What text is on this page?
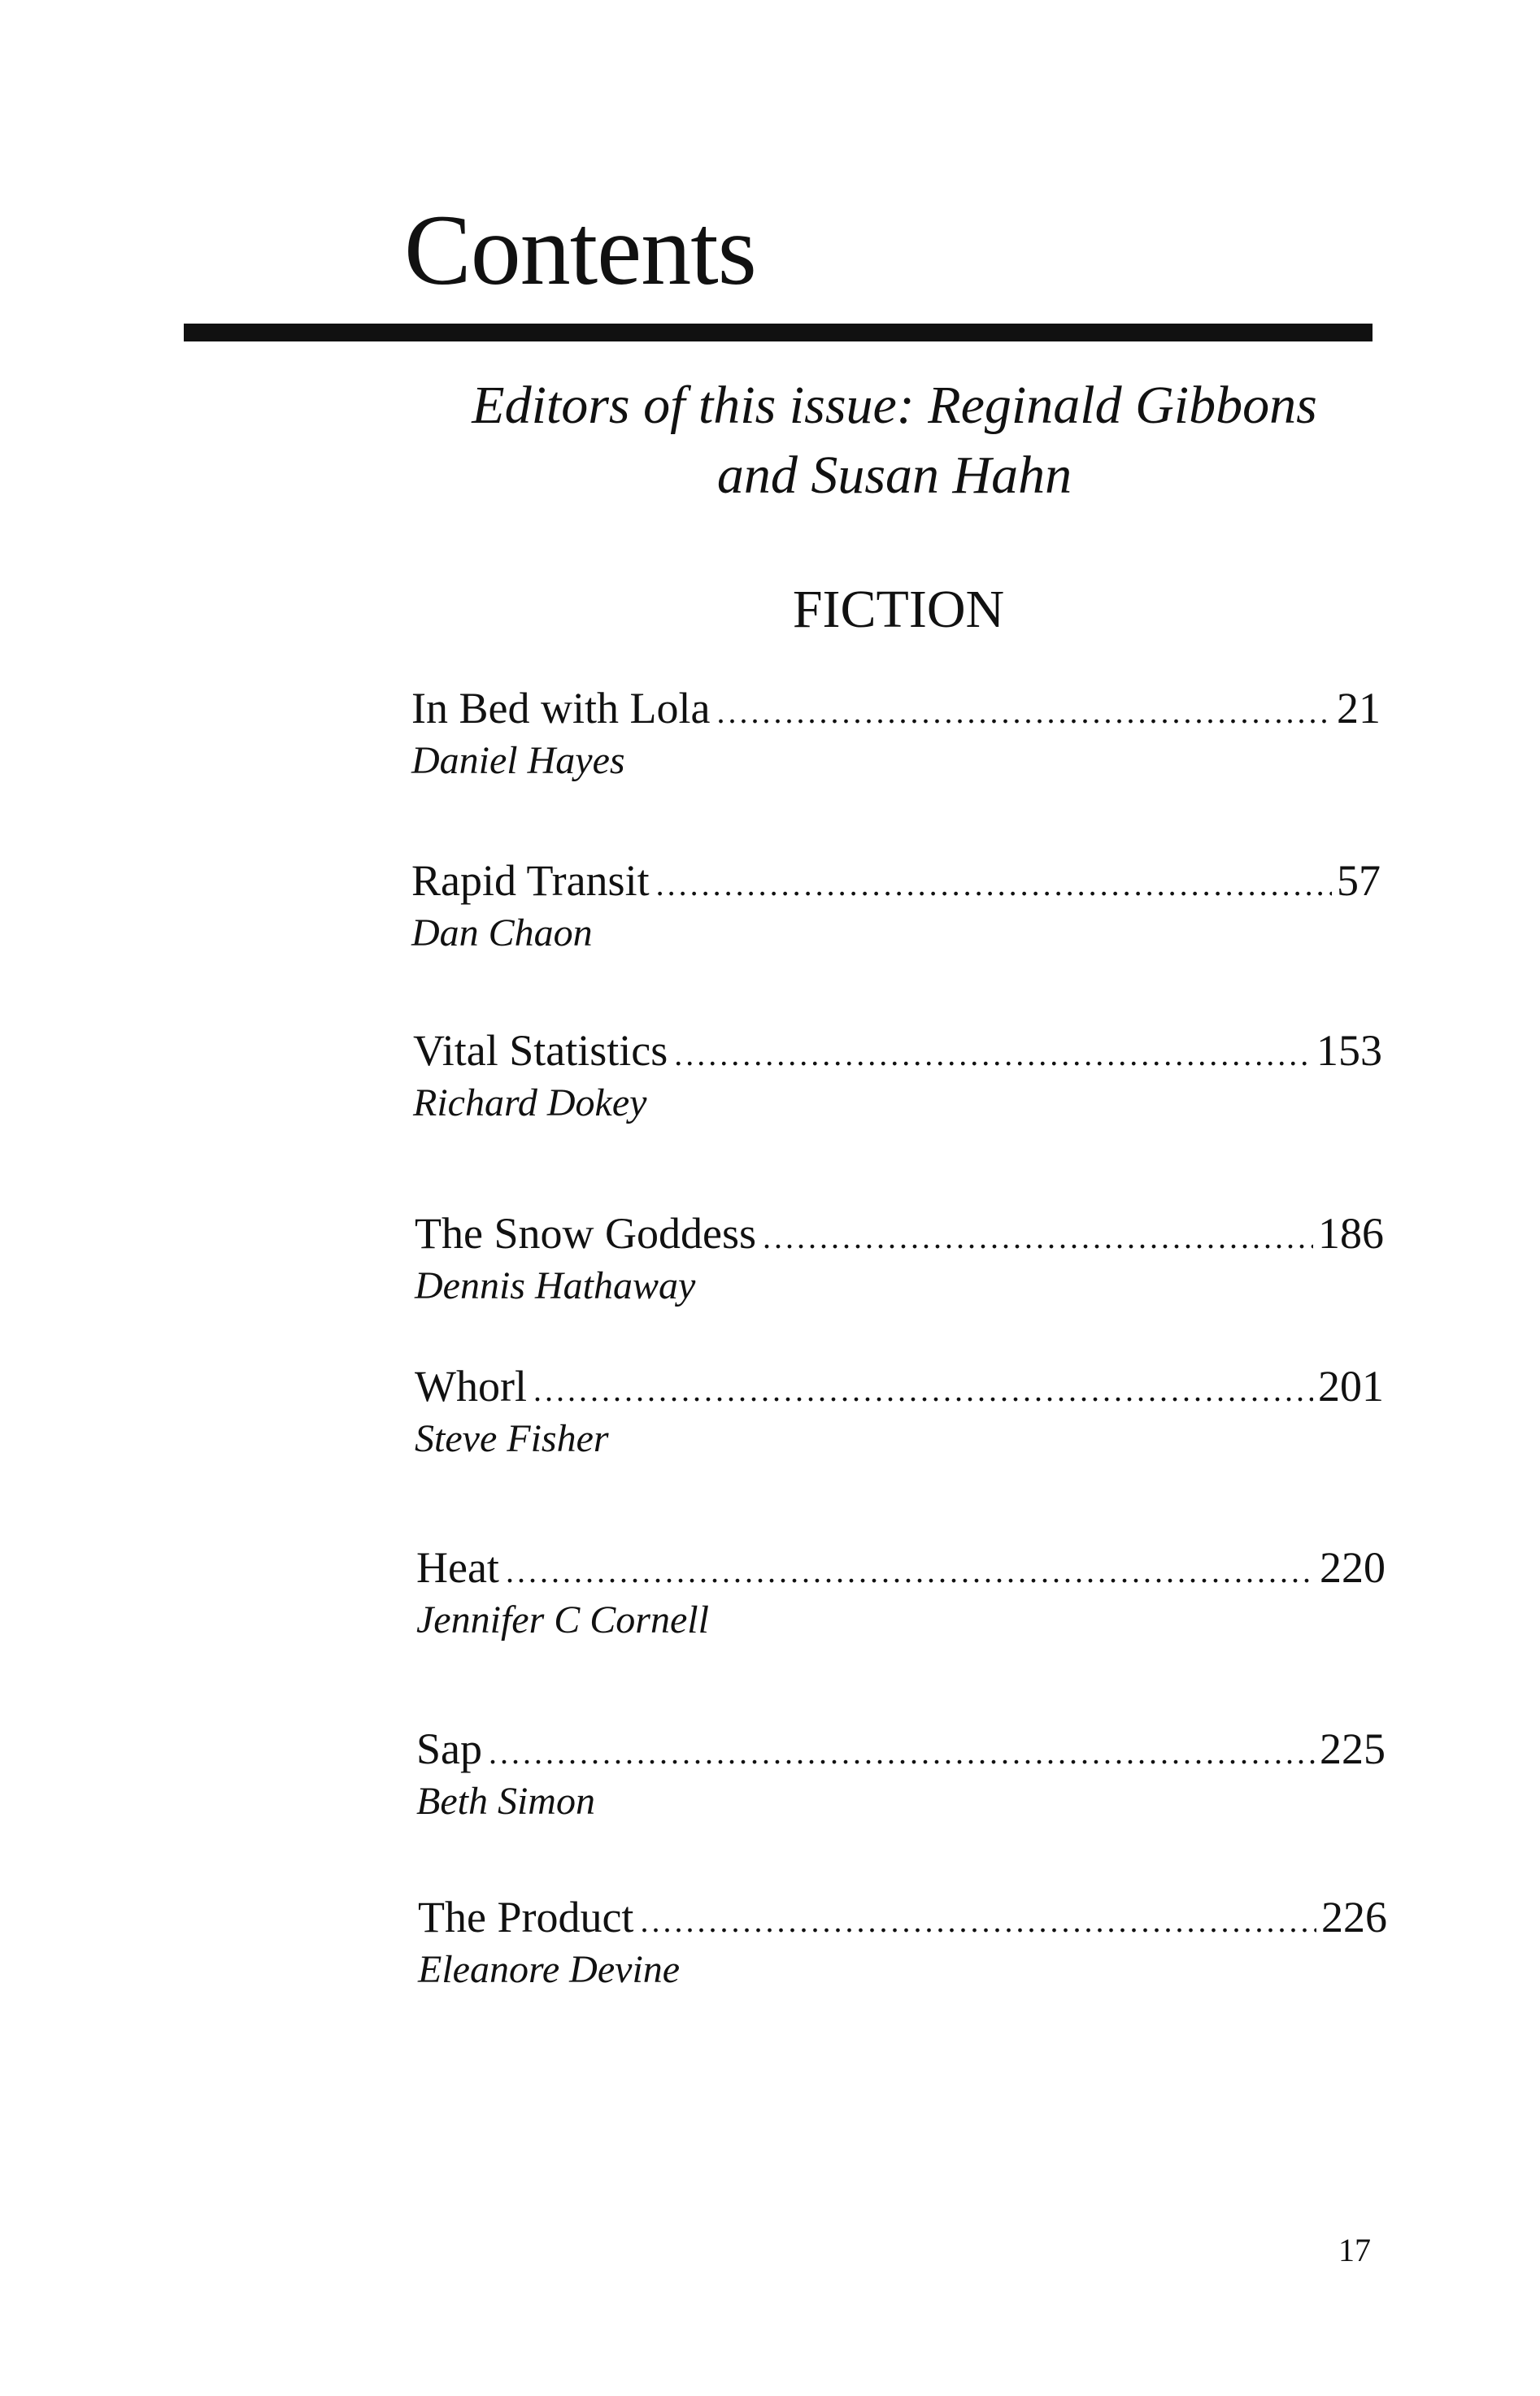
Contents
Editors of this issue: Reginald Gibbons
and Susan Hahn
FICTION
In Bed with Lola .....	21
Daniel Hayes
Rapid Transit .....	57
Dan Chaon
Vital Statistics .....	153
Richard Dokey
The Snow Goddess .....	186
Dennis Hathaway
Whorl .....	201
Steve Fisher
Heat .....	220
Jennifer C Cornell
Sap .....	225
Beth Simon
The Product .....	226
Eleanore Devine
17
